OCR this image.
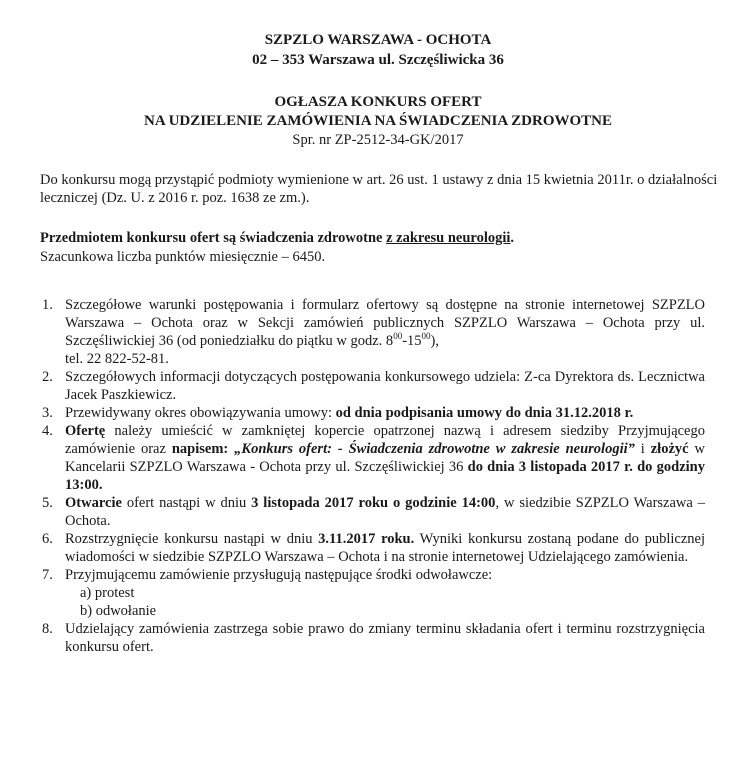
SZPZLO WARSZAWA - OCHOTA
02 – 353 Warszawa ul. Szczęśliwicka 36
OGŁASZA KONKURS OFERT
NA UDZIELENIE ZAMÓWIENIA NA ŚWIADCZENIA ZDROWOTNE
Spr. nr ZP-2512-34-GK/2017
Do konkursu mogą przystąpić podmioty wymienione w art. 26 ust. 1 ustawy z dnia 15 kwietnia 2011r. o działalności leczniczej (Dz. U. z 2016 r. poz. 1638 ze zm.).
Przedmiotem konkursu ofert są świadczenia zdrowotne z zakresu neurologii.
Szacunkowa liczba punktów miesięcznie – 6450.
1. Szczegółowe warunki postępowania i formularz ofertowy są dostępne na stronie internetowej SZPZLO Warszawa – Ochota oraz w Sekcji zamówień publicznych SZPZLO Warszawa – Ochota przy ul. Szczęśliwickiej 36 (od poniedziałku do piątku w godz. $8^{00}-15^{00}$),
tel. 22 822-52-81.
2. Szczegółowych informacji dotyczących postępowania konkursowego udziela: Z-ca Dyrektora ds. Lecznictwa Jacek Paszkiewicz.
3. Przewidywany okres obowiązywania umowy: od dnia podpisania umowy do dnia 31.12.2018 r.
4. Ofertę należy umieścić w zamkniętej kopercie opatrzonej nazwą i adresem siedziby Przyjmującego zamówienie oraz napisem: „Konkurs ofert: - Świadczenia zdrowotne w zakresie neurologii” i złożyć w Kancelarii SZPZLO Warszawa - Ochota przy ul. Szczęśliwickiej 36 do dnia 3 listopada 2017 r. do godziny 13:00.
5. Otwarcie ofert nastąpi w dniu 3 listopada 2017 roku o godzinie 14:00, w siedzibie SZPZLO Warszawa – Ochota.
6. Rozstrzygnięcie konkursu nastąpi w dniu 3.11.2017 roku. Wyniki konkursu zostaną podane do publicznej wiadomości w siedzibie SZPZLO Warszawa – Ochota i na stronie internetowej Udzielającego zamówienia.
7. Przyjmującemu zamówienie przysługują następujące środki odwoławcze:
a) protest
b) odwołanie
8. Udzielający zamówienia zastrzega sobie prawo do zmiany terminu składania ofert i terminu rozstrzygnięcia konkursu ofert.
